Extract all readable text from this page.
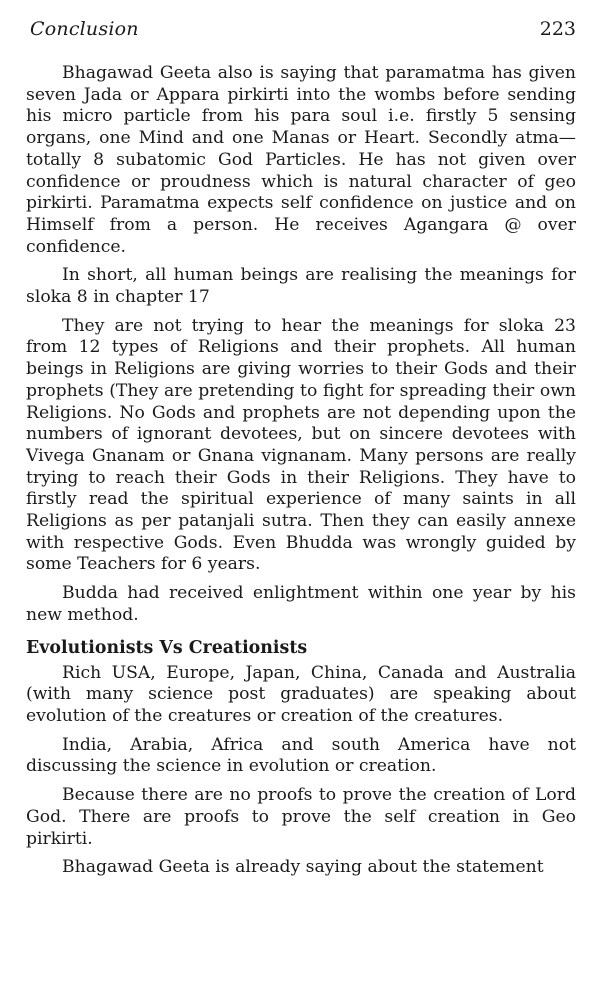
Conclusion	223

Bhagawad Geeta also is saying that paramatma has given seven Jada or Appara pirkirti into the wombs before sending his micro particle from his para soul i.e. firstly 5 sensing organs, one Mind and one Manas or Heart. Secondly atma— totally 8 subatomic God Particles. He has not given over confidence or proudness which is natural character of geo pirkirti. Paramatma expects self confidence on justice and on Himself from a person. He receives Agangara @ over confidence.

In short, all human beings are realising the meanings for sloka 8 in chapter 17

They are not trying to hear the meanings for sloka 23 from 12 types of Religions and their prophets. All human beings in Religions are giving worries to their Gods and their prophets (They are pretending to fight for spreading their own Religions. No Gods and prophets are not depending upon the numbers of ignorant devotees, but on sincere devotees with Vivega Gnanam or Gnana vignanam. Many persons are really trying to reach their Gods in their Religions. They have to firstly read the spiritual experience of many saints in all Religions as per patanjali sutra. Then they can easily annexe with respective Gods. Even Bhudda was wrongly guided by some Teachers for 6 years.

Budda had received enlightment within one year by his new method.

Evolutionists Vs Creationists

Rich USA, Europe, Japan, China, Canada and Australia (with many science post graduates) are speaking about evolution of the creatures or creation of the creatures.

India, Arabia, Africa and south America have not discussing the science in evolution or creation.

Because there are no proofs to prove the creation of Lord God. There are proofs to prove the self creation in Geo pirkirti.

Bhagawad Geeta is already saying about the statement
